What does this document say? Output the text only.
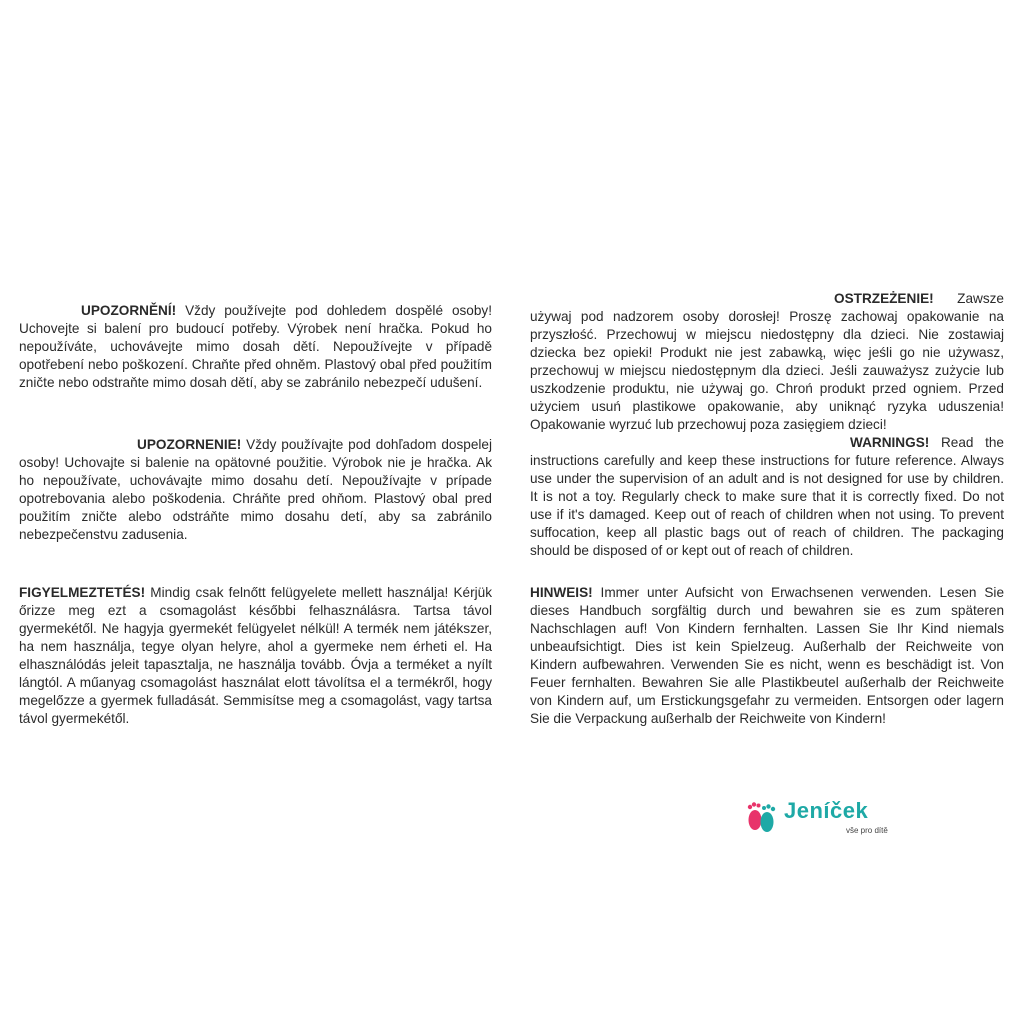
UPOZORNĚNÍ! Vždy používejte pod dohledem dospělé osoby! Uchovejte si balení pro budoucí potřeby. Výrobek není hračka. Pokud ho nepoužíváte, uchovávejte mimo dosah dětí. Nepoužívejte v případě opotřebení nebo poškození. Chraňte před ohněm. Plastový obal před použitím zničte nebo odstraňte mimo dosah dětí, aby se zabránilo nebezpečí udušení.
UPOZORNENIE! Vždy používajte pod dohľadom dospelej osoby! Uchovajte si balenie na opätovné použitie. Výrobok nie je hračka. Ak ho nepoužívate, uchovávajte mimo dosahu detí. Nepoužívajte v prípade opotrebovania alebo poškodenia. Chráňte pred ohňom. Plastový obal pred použitím zničte alebo odstráňte mimo dosahu detí, aby sa zabránilo nebezpečenstvu zadusenia.
FIGYELMEZTETÉS! Mindig csak felnőtt felügyelete mellett használja! Kérjük őrizze meg ezt a csomagolást későbbi felhasználásra. Tartsa távol gyermekétől. Ne hagyja gyermekét felügyelet nélkül! A termék nem játékszer, ha nem használja, tegye olyan helyre, ahol a gyermeke nem érheti el. Ha elhasználódás jeleit tapasztalja, ne használja tovább. Óvja a terméket a nyílt lángtól. A műanyag csomagolást használat elott távolítsa el a termékről, hogy megelőzze a gyermek fulladását. Semmisítse meg a csomagolást, vagy tartsa távol gyermekétől.
OSTRZEŻENIE! Zawsze używaj pod nadzorem osoby dorosłej! Proszę zachowaj opakowanie na przyszłość. Przechowuj w miejscu niedostępny dla dzieci. Nie zostawiaj dziecka bez opieki! Produkt nie jest zabawką, więc jeśli go nie używasz, przechowuj w miejscu niedostępnym dla dzieci. Jeśli zauważysz zużycie lub uszkodzenie produktu, nie używaj go. Chroń produkt przed ogniem. Przed użyciem usuń plastikowe opakowanie, aby uniknąć ryzyka uduszenia! Opakowanie wyrzuć lub przechowuj poza zasięgiem dzieci!
WARNINGS! Read the instructions carefully and keep these instructions for future reference. Always use under the supervision of an adult and is not designed for use by children. It is not a toy. Regularly check to make sure that it is correctly fixed. Do not use if it's damaged. Keep out of reach of children when not using. To prevent suffocation, keep all plastic bags out of reach of children. The packaging should be disposed of or kept out of reach of children.
HINWEIS! Immer unter Aufsicht von Erwachsenen verwenden. Lesen Sie dieses Handbuch sorgfältig durch und bewahren sie es zum späteren Nachschlagen auf! Von Kindern fernhalten. Lassen Sie Ihr Kind niemals unbeaufsichtigt. Dies ist kein Spielzeug. Außerhalb der Reichweite von Kindern aufbewahren. Verwenden Sie es nicht, wenn es beschädigt ist. Von Feuer fernhalten. Bewahren Sie alle Plastikbeutel außerhalb der Reichweite von Kindern auf, um Erstickungsgefahr zu vermeiden. Entsorgen oder lagern Sie die Verpackung außerhalb der Reichweite von Kindern!
Jeníček
vše pro dítě
